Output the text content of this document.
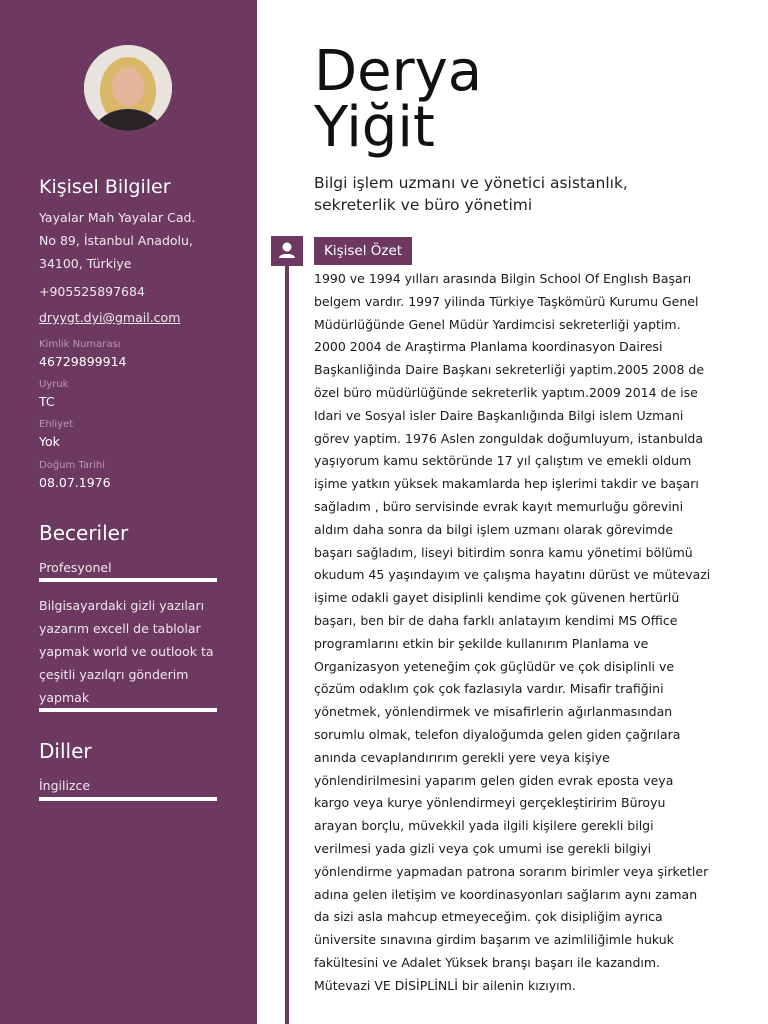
Kişisel Bilgiler
Yayalar Mah Yayalar Cad.
No 89, İstanbul Anadolu,
34100, Türkiye
+905525897684
dryygt.dyi@gmail.com
Kimlik Numarası
46729899914
Uyruk
TC
Ehliyet
Yok
Doğum Tarihi
08.07.1976
Beceriler
Profesyonel
Bilgisayardaki gizli yazıları yazarım excell de tablolar yapmak world ve outlook ta çeşitli yazılqrı gönderim yapmak
Diller
İngilizce
Derya
Yiğit
Bilgi işlem uzmanı ve yönetici asistanlık, sekreterlik ve büro yönetimi
Kişisel Özet
1990 ve 1994 yılları arasında Bilgin School Of Englısh Başarı belgem vardır. 1997 yilinda Türkiye Taşkömürü Kurumu Genel Müdürlüğünde Genel Müdür Yardimcisi sekreterliği yaptim. 2000 2004 de Araştirma Planlama koordinasyon Dairesi Başkanliğinda Daire Başkanı sekreterliği yaptim.2005 2008 de özel büro müdürlüğünde sekreterlik yaptım.2009 2014 de ise Idari ve Sosyal isler Daire Başkanlığında Bilgi islem Uzmani görev yaptim. 1976 Aslen zonguldak doğumluyum, istanbulda yaşıyorum kamu sektöründe 17 yıl çalıştım ve emekli oldum işime yatkın yüksek makamlarda hep işlerimi takdir ve başarı sağladım , büro servisinde evrak kayıt memurluğu görevini aldım daha sonra da bilgi işlem uzmanı olarak görevimde başarı sağladım, liseyi bitirdim sonra kamu yönetimi bölümü okudum 45 yaşındayım ve çalışma hayatını dürüst ve mütevazi işime odakli gayet disiplinli kendime çok güvenen hertürlü başarı, ben bir de daha farklı anlatayım kendimi MS Office programlarını etkin bir şekilde kullanırım Planlama ve Organizasyon yeteneğim çok güçlüdür ve çok disiplinli ve çözüm odaklım çok çok fazlasıyla vardır. Misafir trafiğini yönetmek, yönlendirmek ve misafirlerin ağırlanmasından sorumlu olmak, telefon diyaloğumda gelen giden çağrılara anında cevaplandırırım gerekli yere veya kişiye yönlendirilmesini yaparım gelen giden evrak eposta veya kargo veya kurye yönlendirmeyi gerçekleştiririm Büroyu arayan borçlu, müvekkil yada ilgili kişilere gerekli bilgi verilmesi yada gizli veya çok umumi ise gerekli bilgiyi yönlendirme yapmadan patrona sorarım birimler veya şirketler adına gelen iletişim ve koordinasyonları sağlarım aynı zaman da sizi asla mahcup etmeyeceğim. çok disipliğim ayrıca üniversite sınavına girdim başarım ve azimliliğimle hukuk fakültesini ve Adalet Yüksek branşı başarı ile kazandım. Mütevazi VE DİSİPLİNLİ bir ailenin kızıyım.
